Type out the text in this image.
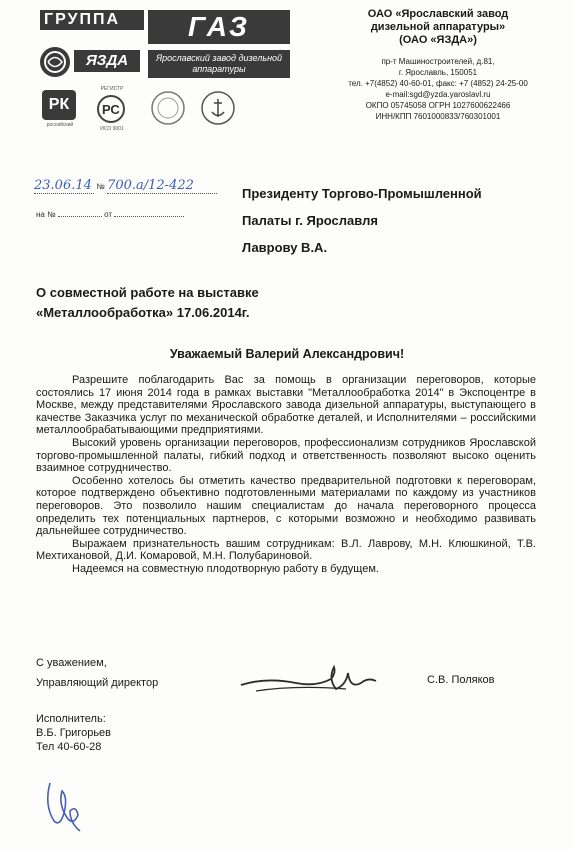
ГРУППА	ГАЗ
ЯЗДА	Ярославский завод дизельной аппаратуры
РК
российский
РЕГИСТР
РС
ИСО 9001
ОАО «Ярославский завод
дизельной аппаратуры»
(ОАО «ЯЗДА»)
пр-т Машиностроителей, д.81,
г. Ярославль, 150051
тел. +7(4852) 40-60-01, факс: +7 (4852) 24-25-00
e-mail:sgd@yzda.yaroslavl.ru
ОКПО 05745058 ОГРН 1027600622466
ИНН/КПП 7601000833/760301001
23.06.14 № 700.а/12-422
на №	от
Президенту Торгово-Промышленной
Палаты г. Ярославля
Лаврову В.А.
О совместной работе на выставке
«Металлообработка» 17.06.2014г.
Уважаемый Валерий Александрович!

Разрешите поблагодарить Вас за помощь в организации переговоров, которые состоялись 17 июня 2014 года в рамках выставки "Металлообработка 2014" в Экспоцентре в Москве, между представителями Ярославского завода дизельной аппаратуры, выступающего в качестве Заказчика услуг по механической обработке деталей, и Исполнителями – российскими металлообрабатывающими предприятиями.

Высокий уровень организации переговоров, профессионализм сотрудников Ярославской торгово-промышленной палаты, гибкий подход и ответственность позволяют высоко оценить взаимное сотрудничество.

Особенно хотелось бы отметить качество предварительной подготовки к переговорам, которое подтверждено объективно подготовленными материалами по каждому из участников переговоров. Это позволило нашим специалистам до начала переговорного процесса определить тех потенциальных партнеров, с которыми возможно и необходимо развивать дальнейшее сотрудничество.

Выражаем признательность вашим сотрудникам: В.Л. Лаврову, М.Н. Клюшкиной, Т.В. Мехтихановой, Д.И. Комаровой, М.Н. Полубариновой.

Надеемся на совместную плодотворную работу в будущем.

С уважением,
Управляющий директор	С.В. Поляков
Исполнитель:
В.Б. Григорьев
Тел 40-60-28
